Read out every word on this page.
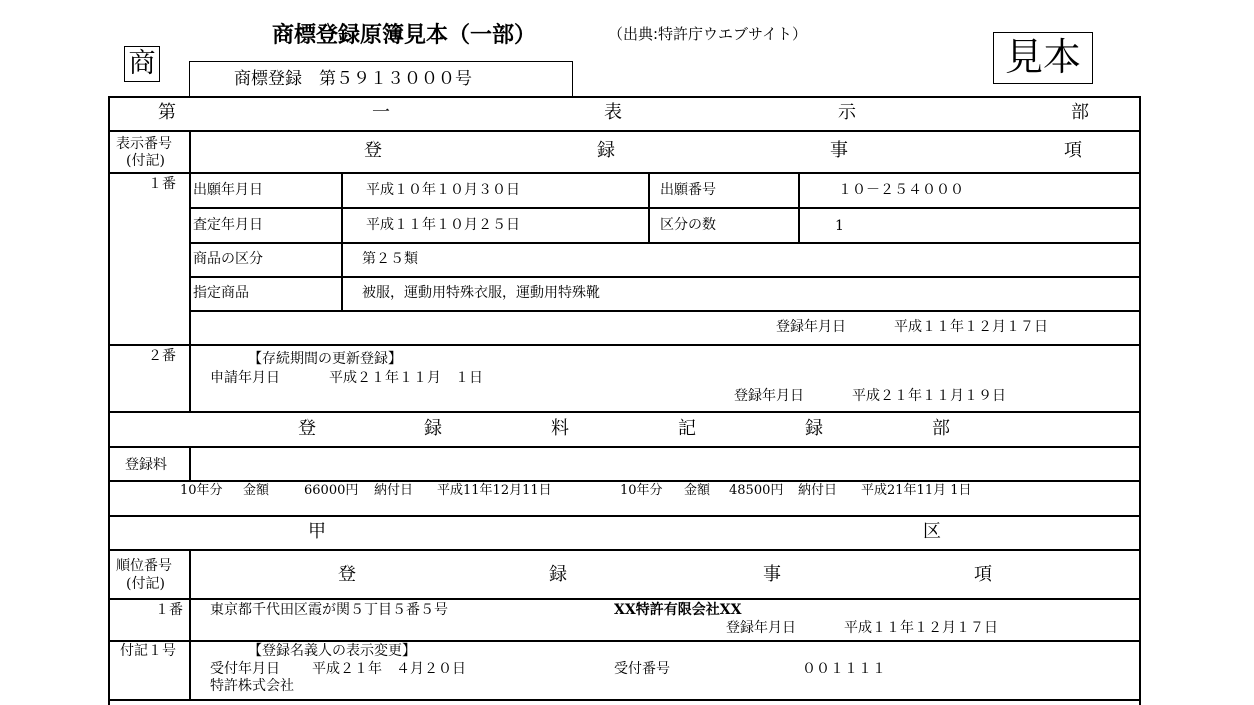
商標登録原簿見本（一部）	（出典:特許庁ウエブサイト）
商	見本
商標登録　第５９１３０００号
第	一	表	示	部
表示番号
(付記)	登	録	事	項
１番 出願年月日	平成１０年１０月３０日	出願番号	１０－２５４０００
査定年月日	平成１１年１０月２５日	区分の数	1
商品の区分	第２５類
指定商品	被服，運動用特殊衣服，運動用特殊靴
登録年月日	平成１１年１２月１７日
２番	【存続期間の更新登録】
申請年月日	平成２１年１１月　１日
登録年月日	平成２１年１１月１９日
登	録	料	記	録	部
登録料
10年分 金額	66000円 納付日 平成11年12月11日	10年分 金額 48500円 納付日 平成21年11月 1日
甲	区
順位番号
(付記)	登	録	事	項
１番 東京都千代田区霞が関５丁目５番５号	XX特許有限会社XX
登録年月日	平成１１年１２月１７日
付記１号	【登録名義人の表示変更】
受付年月日 平成２１年　４月２０日	受付番号	００１１１１
特許株式会社
